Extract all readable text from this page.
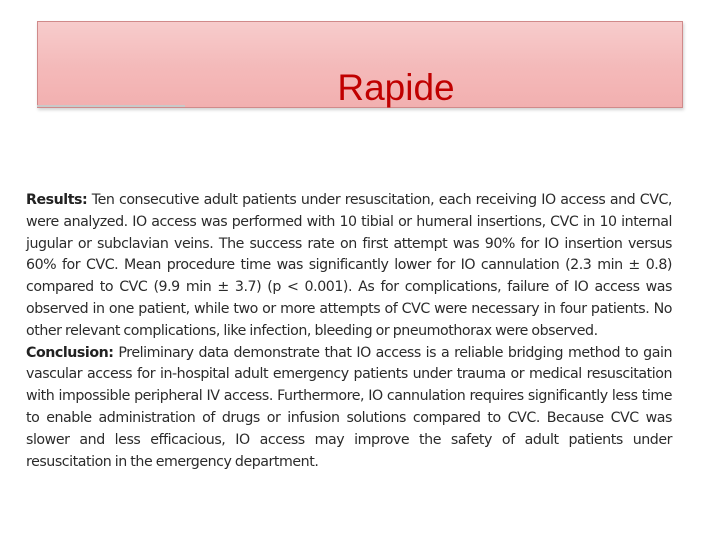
Rapide

Results: Ten consecutive adult patients under resuscitation, each receiving IO access and CVC, were analyzed. IO access was performed with 10 tibial or humeral insertions, CVC in 10 internal jugular or subclavian veins. The success rate on first attempt was 90% for IO insertion versus 60% for CVC. Mean procedure time was significantly lower for IO cannulation (2.3 min ± 0.8) compared to CVC (9.9 min ± 3.7) (p < 0.001). As for complications, failure of IO access was observed in one patient, while two or more attempts of CVC were necessary in four patients. No other relevant complications, like infection, bleeding or pneumothorax were observed.

Conclusion: Preliminary data demonstrate that IO access is a reliable bridging method to gain vascular access for in-hospital adult emergency patients under trauma or medical resuscitation with impossible peripheral IV access. Furthermore, IO cannulation requires significantly less time to enable administration of drugs or infusion solutions compared to CVC. Because CVC was slower and less efficacious, IO access may improve the safety of adult patients under resuscitation in the emergency department.
